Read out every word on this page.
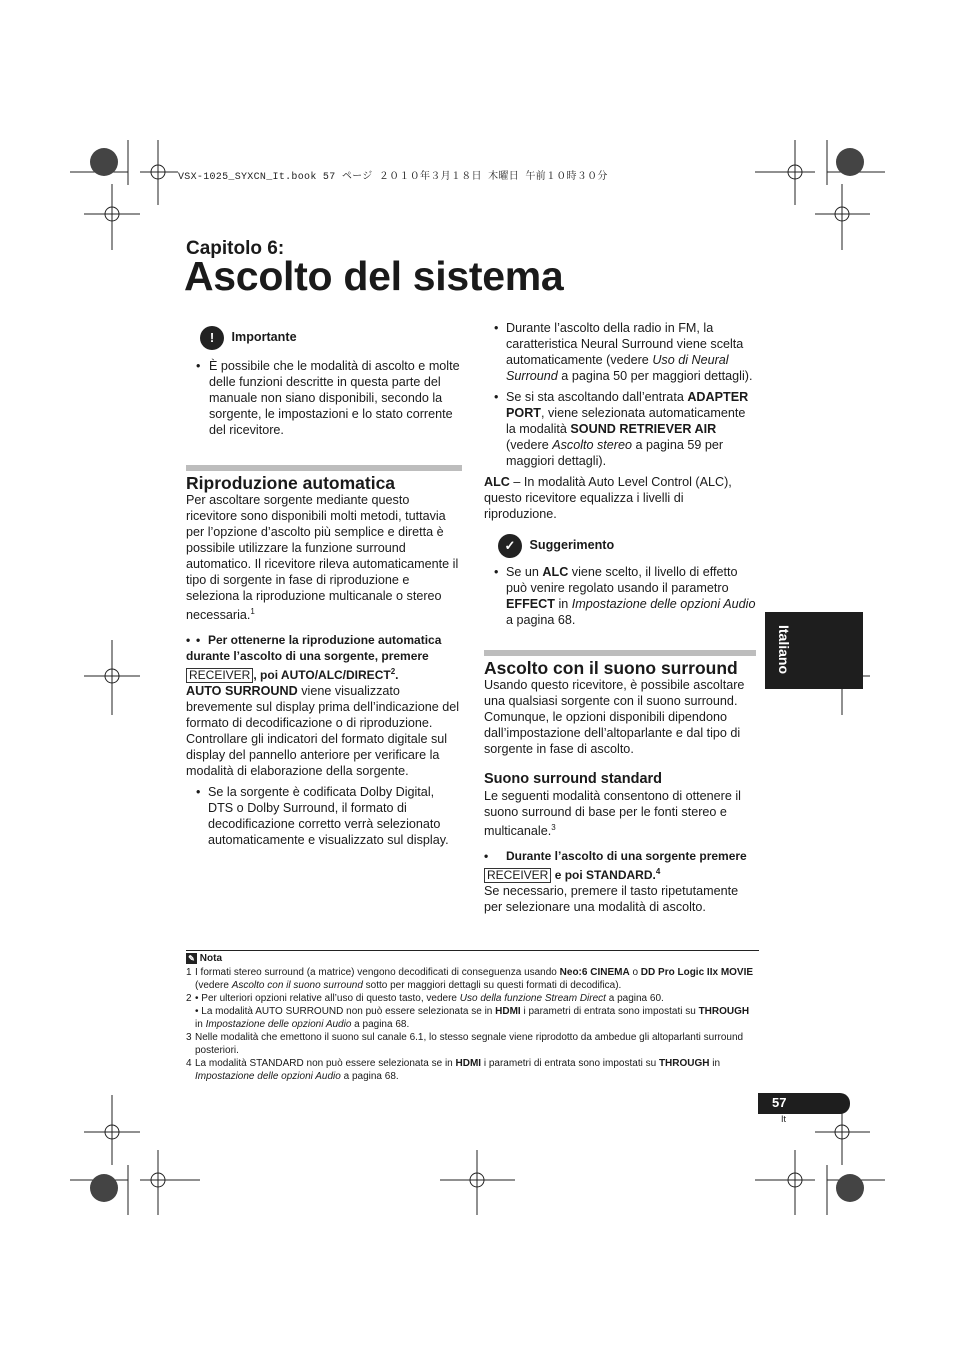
VSX-1025_SYXCN_It.book 57 ページ ２０１０年３月１８日 木曜日 午前１０時３０分
Capitolo 6:
Ascolto del sistema
Italiano
! Importante

• È possibile che le modalità di ascolto e molte delle funzioni descritte in questa parte del manuale non siano disponibili, secondo la sorgente, le impostazioni e lo stato corrente del ricevitore.

Riproduzione automatica

Per ascoltare sorgente mediante questo ricevitore sono disponibili molti metodi, tuttavia per l’opzione d’ascolto più semplice e diretta è possibile utilizzare la funzione surround automatico. Il ricevitore rileva automaticamente il tipo di sorgente in fase di riproduzione e seleziona la riproduzione multicanale o stereo necessaria.$^1$

• • Per ottenerne la riproduzione automatica durante l’ascolto di una sorgente, premere RECEIVER , poi AUTO/ALC/DIRECT$^2$.

AUTO SURROUND viene visualizzato brevemente sul display prima dell’indicazione del formato di decodificazione o di riproduzione. Controllare gli indicatori del formato digitale sul display del pannello anteriore per verificare la modalità di elaborazione della sorgente.

• Se la sorgente è codificata Dolby Digital, DTS o Dolby Surround, il formato di decodificazione corretto verrà selezionato automaticamente e visualizzato sul display.

• Durante l’ascolto della radio in FM, la caratteristica Neural Surround viene scelta automaticamente (vedere Uso di Neural Surround a pagina 50 per maggiori dettagli).

• Se si sta ascoltando dall’entrata ADAPTER PORT, viene selezionata automaticamente la modalità SOUND RETRIEVER AIR (vedere Ascolto stereo a pagina 59 per maggiori dettagli).

ALC – In modalità Auto Level Control (ALC), questo ricevitore equalizza i livelli di riproduzione.

✓ Suggerimento

• Se un ALC viene scelto, il livello di effetto può venire regolato usando il parametro EFFECT in Impostazione delle opzioni Audio a pagina 68.

Ascolto con il suono surround

Usando questo ricevitore, è possibile ascoltare una qualsiasi sorgente con il suono surround. Comunque, le opzioni disponibili dipendono dall’impostazione dell’altoparlante e dal tipo di sorgente in fase di ascolto.

Suono surround standard

Le seguenti modalità consentono di ottenere il suono surround di base per le fonti stereo e multicanale.$^3$

• Durante l’ascolto di una sorgente premere RECEIVER e poi STANDARD.$^4$

Se necessario, premere il tasto ripetutamente per selezionare una modalità di ascolto.

✎ Nota
1 I formati stereo surround (a matrice) vengono decodificati di conseguenza usando Neo:6 CINEMA o DD Pro Logic IIx MOVIE (vedere Ascolto con il suono surround sotto per maggiori dettagli su questi formati di decodifica).
2 • Per ulteriori opzioni relative all’uso di questo tasto, vedere Uso della funzione Stream Direct a pagina 60.
• La modalità AUTO SURROUND non può essere selezionata se in HDMI i parametri di entrata sono impostati su THROUGH in Impostazione delle opzioni Audio a pagina 68.
3 Nelle modalità che emettono il suono sul canale 6.1, lo stesso segnale viene riprodotto da ambedue gli altoparlanti surround posteriori.
4 La modalità STANDARD non può essere selezionata se in HDMI i parametri di entrata sono impostati su THROUGH in Impostazione delle opzioni Audio a pagina 68.
57
It
